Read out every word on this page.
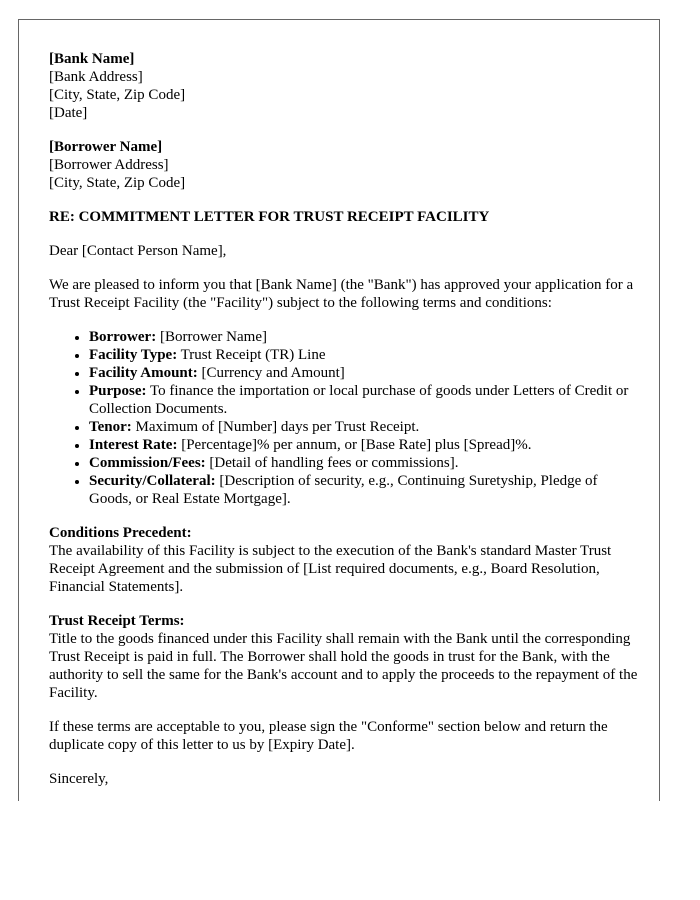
[Bank Name]
[Bank Address]
[City, State, Zip Code]
[Date]
[Borrower Name]
[Borrower Address]
[City, State, Zip Code]

RE: COMMITMENT LETTER FOR TRUST RECEIPT FACILITY

Dear [Contact Person Name],

We are pleased to inform you that [Bank Name] (the "Bank") has approved your application for a Trust Receipt Facility (the "Facility") subject to the following terms and conditions:

• Borrower: [Borrower Name]
• Facility Type: Trust Receipt (TR) Line
• Facility Amount: [Currency and Amount]
• Purpose: To finance the importation or local purchase of goods under Letters of Credit or Collection Documents.
• Tenor: Maximum of [Number] days per Trust Receipt.
• Interest Rate: [Percentage]% per annum, or [Base Rate] plus [Spread]%.
• Commission/Fees: [Detail of handling fees or commissions].
• Security/Collateral: [Description of security, e.g., Continuing Suretyship, Pledge of Goods, or Real Estate Mortgage].
Conditions Precedent:
The availability of this Facility is subject to the execution of the Bank's standard Master Trust Receipt Agreement and the submission of [List required documents, e.g., Board Resolution, Financial Statements].
Trust Receipt Terms:
Title to the goods financed under this Facility shall remain with the Bank until the corresponding Trust Receipt is paid in full. The Borrower shall hold the goods in trust for the Bank, with the authority to sell the same for the Bank's account and to apply the proceeds to the repayment of the Facility.

If these terms are acceptable to you, please sign the "Conforme" section below and return the duplicate copy of this letter to us by [Expiry Date].

Sincerely,
